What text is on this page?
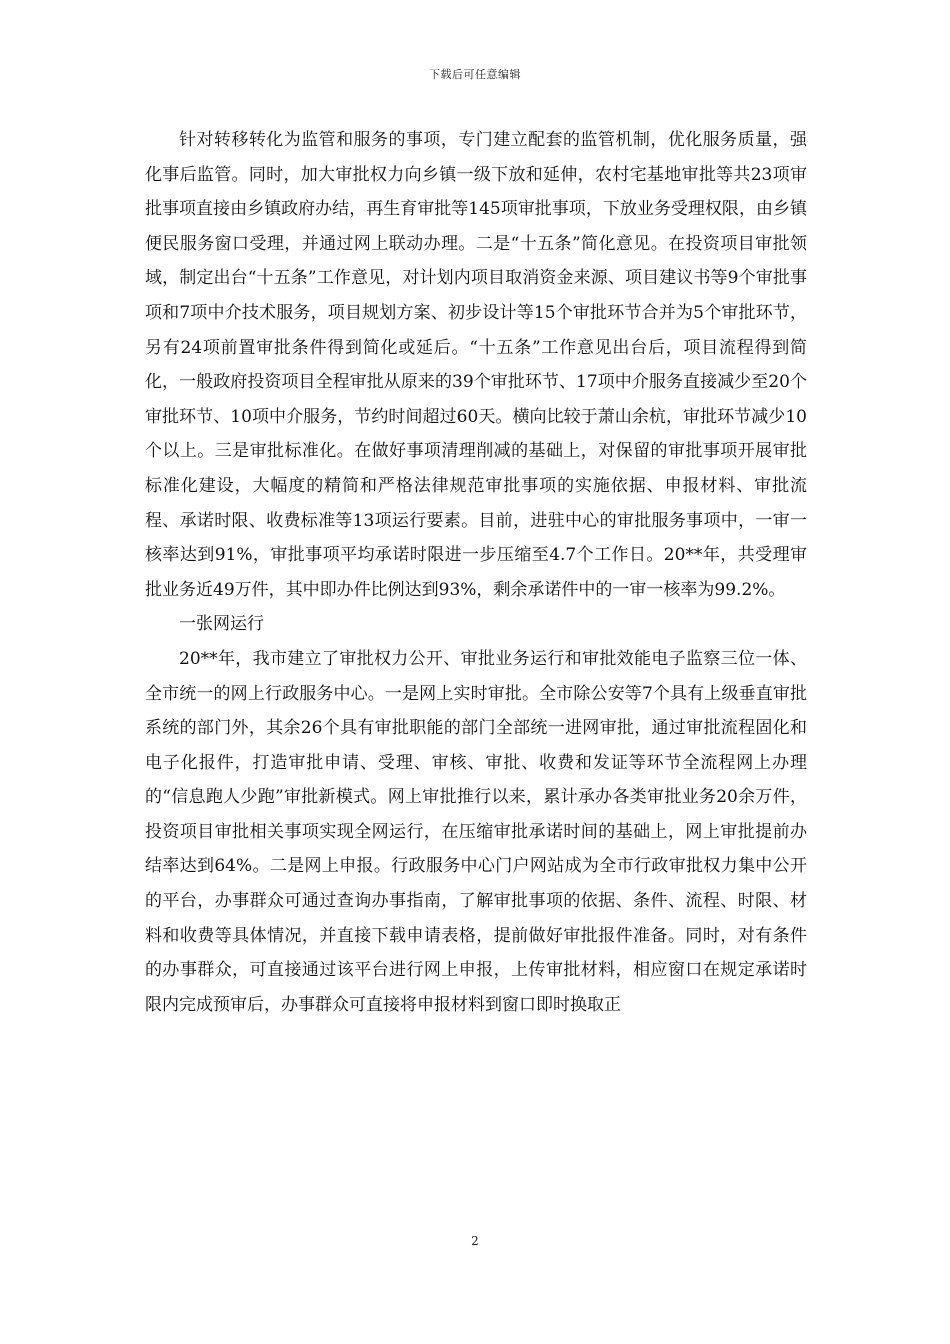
下载后可任意编辑

针对转移转化为监管和服务的事项，专门建立配套的监管机制，优化服务质量，强化事后监管。同时，加大审批权力向乡镇一级下放和延伸，农村宅基地审批等共23项审批事项直接由乡镇政府办结，再生育审批等145项审批事项，下放业务受理权限，由乡镇便民服务窗口受理，并通过网上联动办理。二是“十五条”简化意见。在投资项目审批领域，制定出台“十五条”工作意见，对计划内项目取消资金来源、项目建议书等9个审批事项和7项中介技术服务，项目规划方案、初步设计等15个审批环节合并为5个审批环节，另有24项前置审批条件得到简化或延后。“十五条”工作意见出台后，项目流程得到简化，一般政府投资项目全程审批从原来的39个审批环节、17项中介服务直接减少至20个审批环节、10项中介服务，节约时间超过60天。横向比较于萧山余杭，审批环节减少10个以上。三是审批标准化。在做好事项清理削减的基础上，对保留的审批事项开展审批标准化建设，大幅度的精简和严格法律规范审批事项的实施依据、申报材料、审批流程、承诺时限、收费标准等13项运行要素。目前，进驻中心的审批服务事项中，一审一核率达到91%，审批事项平均承诺时限进一步压缩至4.7个工作日。20**年，共受理审批业务近49万件，其中即办件比例达到93%，剩余承诺件中的一审一核率为99.2%。

一张网运行

20**年，我市建立了审批权力公开、审批业务运行和审批效能电子监察三位一体、全市统一的网上行政服务中心。一是网上实时审批。全市除公安等7个具有上级垂直审批系统的部门外，其余26个具有审批职能的部门全部统一进网审批，通过审批流程固化和电子化报件，打造审批申请、受理、审核、审批、收费和发证等环节全流程网上办理的“信息跑人少跑”审批新模式。网上审批推行以来，累计承办各类审批业务20余万件，投资项目审批相关事项实现全网运行，在压缩审批承诺时间的基础上，网上审批提前办结率达到64%。二是网上申报。行政服务中心门户网站成为全市行政审批权力集中公开的平台，办事群众可通过查询办事指南，了解审批事项的依据、条件、流程、时限、材料和收费等具体情况，并直接下载申请表格，提前做好审批报件准备。同时，对有条件的办事群众，可直接通过该平台进行网上申报，上传审批材料，相应窗口在规定承诺时限内完成预审后，办事群众可直接将申报材料到窗口即时换取正

2
